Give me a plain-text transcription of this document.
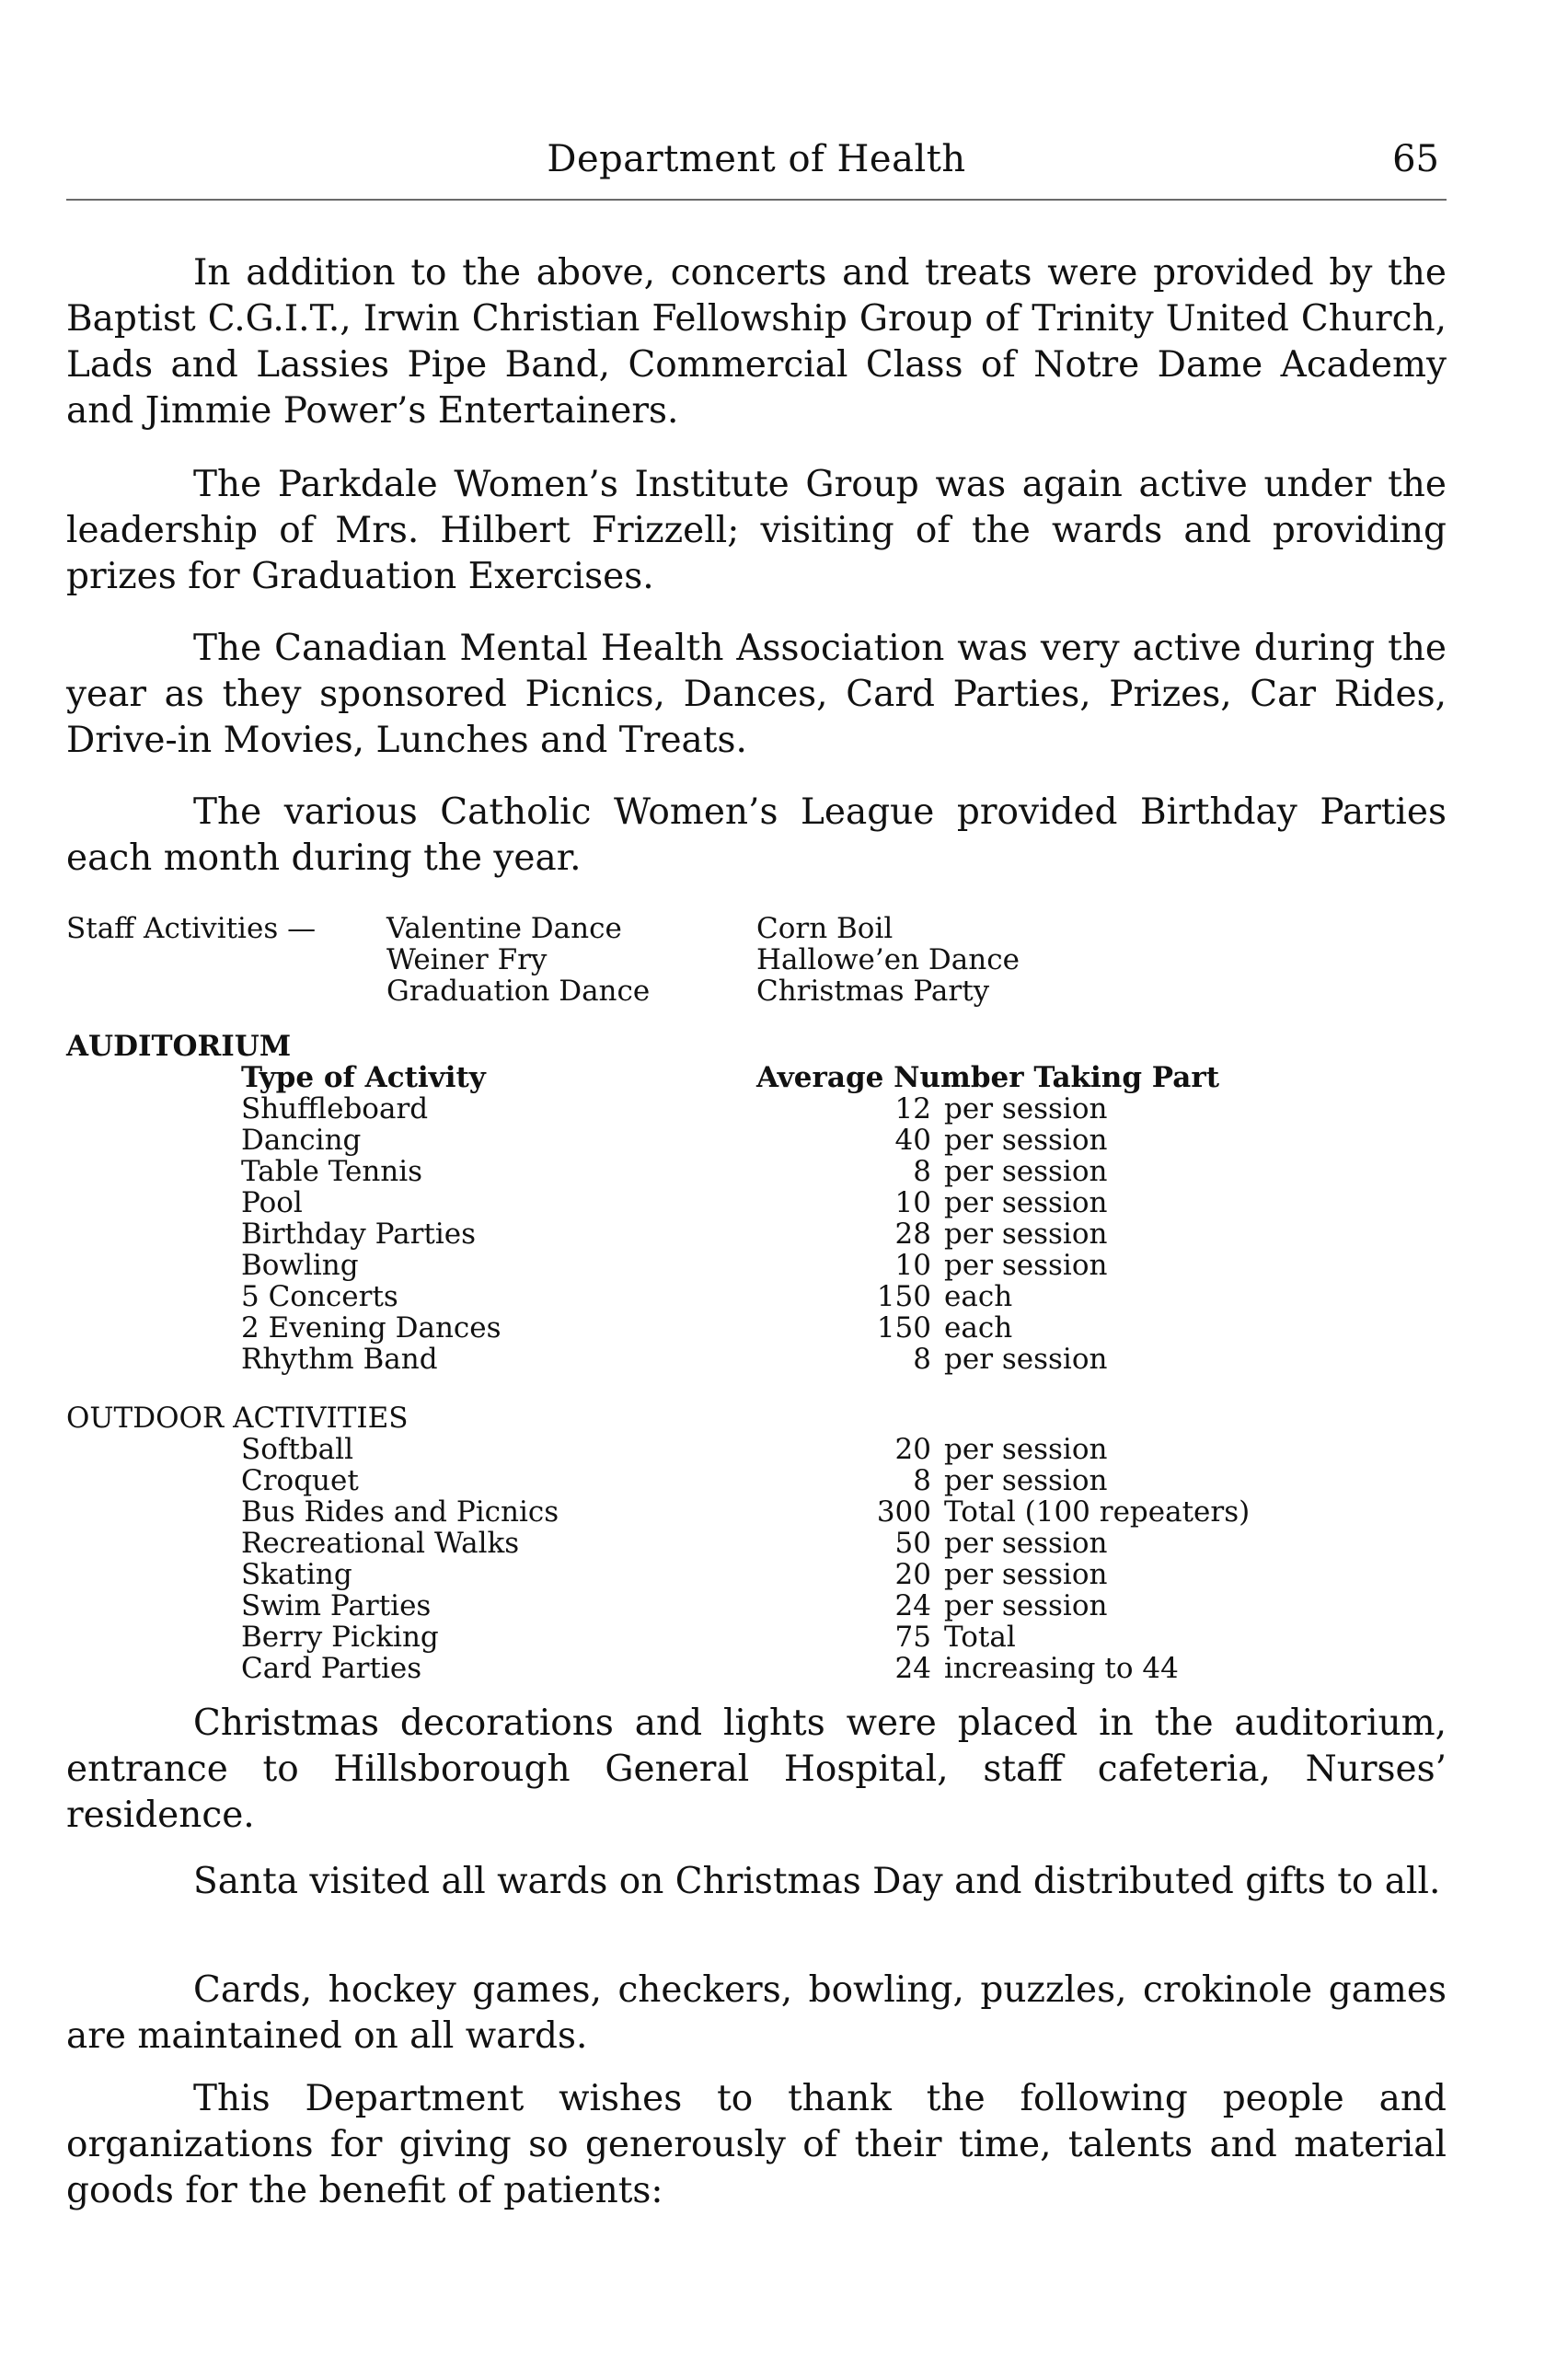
Department of Health	65

In addition to the above, concerts and treats were provided by the Baptist C.G.I.T., Irwin Christian Fellowship Group of Trinity United Church, Lads and Lassies Pipe Band, Commercial Class of Notre Dame Academy and Jimmie Power’s Entertainers.

The Parkdale Women’s Institute Group was again active under the leadership of Mrs. Hilbert Frizzell; visiting of the wards and providing prizes for Graduation Exercises.

The Canadian Mental Health Association was very active during the year as they sponsored Picnics, Dances, Card Parties, Prizes, Car Rides, Drive-in Movies, Lunches and Treats.

The various Catholic Women’s League provided Birthday Parties each month during the year.

Staff Activities — Valentine Dance
Weiner Fry
Graduation Dance
Corn Boil
Hallowe’en Dance
Christmas Party
AUDITORIUM
Type of Activity	Average Number Taking Part
Shuffleboard
Dancing
Table Tennis
Pool
Birthday Parties
Bowling
5 Concerts
2 Evening Dances
Rhythm Band
12 per session
40 per session
8 per session
10 per session
28 per session
10 per session
150 each
150 each
8 per session
OUTDOOR ACTIVITIES
Softball
Croquet
Bus Rides and Picnics
Recreational Walks
Skating
Swim Parties
Berry Picking
Card Parties
20 per session
8 per session
300 Total (100 repeaters)
50 per session
20 per session
24 per session
75 Total
24 increasing to 44

Christmas decorations and lights were placed in the auditorium, entrance to Hillsborough General Hospital, staff cafeteria, Nurses’ residence.

Santa visited all wards on Christmas Day and distributed gifts to all.

Cards, hockey games, checkers, bowling, puzzles, crokinole games are maintained on all wards.

This Department wishes to thank the following people and organizations for giving so generously of their time, talents and material goods for the benefit of patients:
